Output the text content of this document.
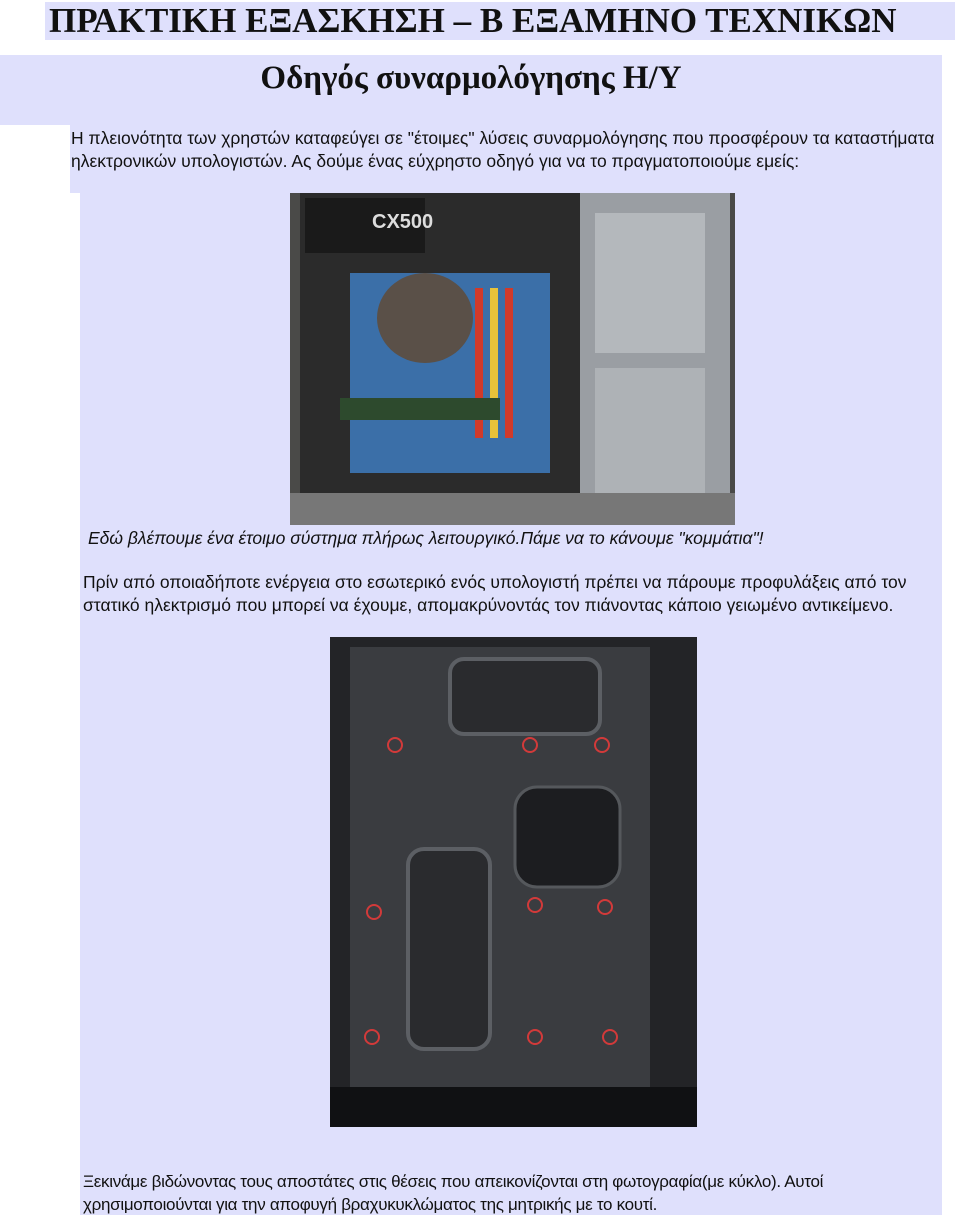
ΠΡΑΚΤΙΚΗ ΕΞΑΣΚΗΣΗ – Β ΕΞΑΜΗΝΟ ΤΕΧΝΙΚΩΝ
Οδηγός συναρμολόγησης Η/Υ
Η πλειονότητα των χρηστών καταφεύγει σε "έτοιμες" λύσεις συναρμολόγησης που προσφέρουν τα καταστήματα ηλεκτρονικών υπολογιστών. Ας δούμε ένας εύχρηστο οδηγό για να το πραγματοποιούμε εμείς:
CX500
Εδώ βλέπουμε ένα έτοιμο σύστημα πλήρως λειτουργικό.Πάμε να το κάνουμε "κομμάτια"!
Πρίν από οποιαδήποτε ενέργεια στο εσωτερικό ενός υπολογιστή πρέπει να πάρουμε προφυλάξεις από τον στατικό ηλεκτρισμό που μπορεί να έχουμε, απομακρύνοντάς τον πιάνοντας κάποιο γειωμένο αντικείμενο.
Ξεκινάμε βιδώνοντας τους αποστάτες στις θέσεις που απεικονίζονται στη φωτογραφία(με κύκλο). Αυτοί χρησιμοποιούνται για την αποφυγή βραχυκυκλώματος της μητρικής με το κουτί.
